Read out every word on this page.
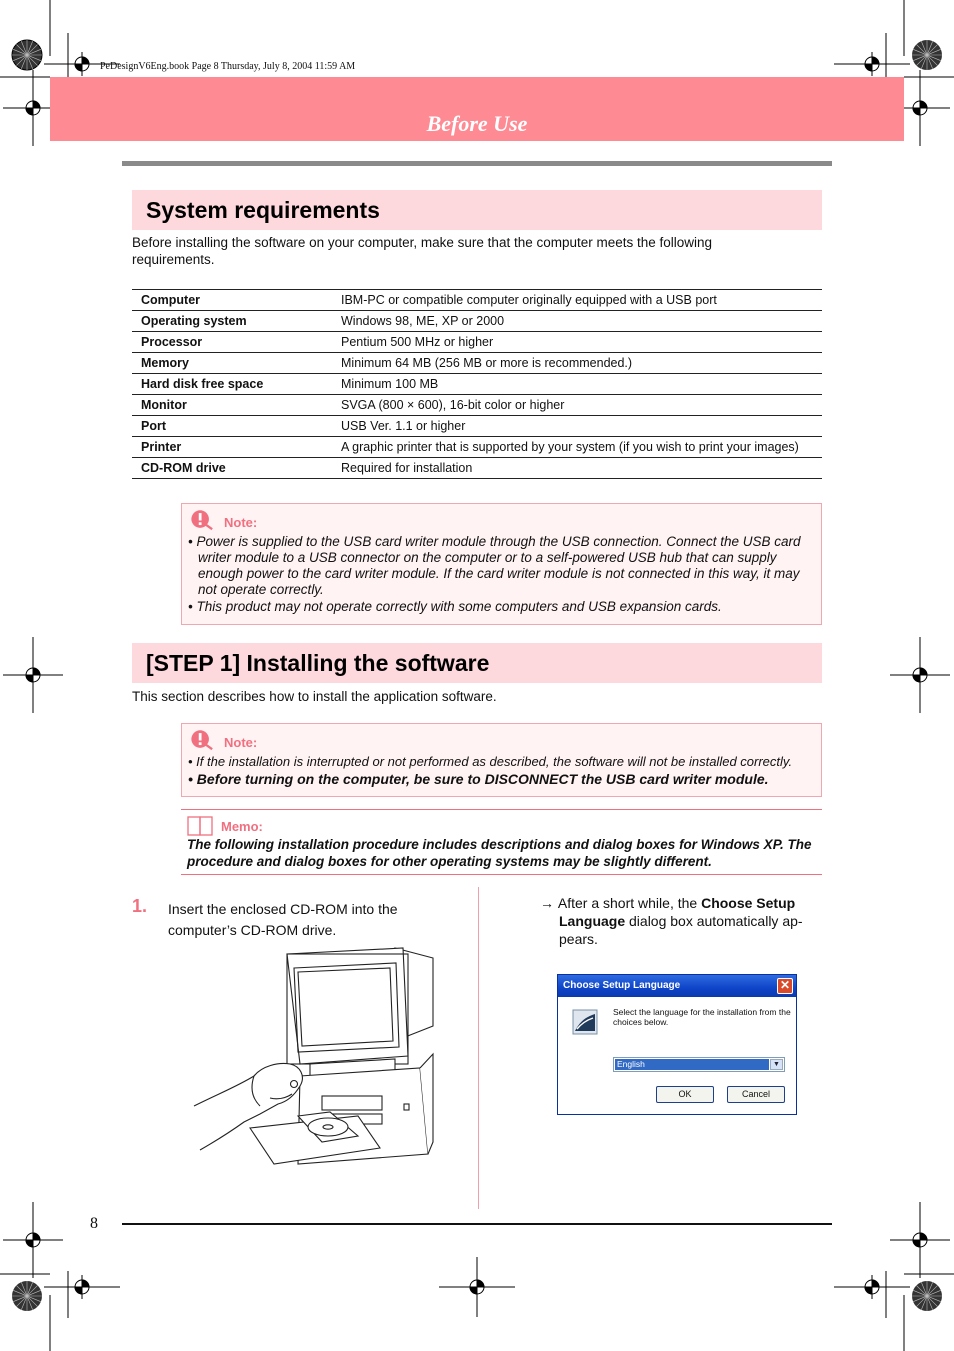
PeDesignV6Eng.book Page 8 Thursday, July 8, 2004 11:59 AM
Before Use
System requirements
Before installing the software on your computer, make sure that the computer meets the following
requirements.
Computer	IBM-PC or compatible computer originally equipped with a USB port
Operating system	Windows 98, ME, XP or 2000
Processor	Pentium 500 MHz or higher
Memory	Minimum 64 MB (256 MB or more is recommended.)
Hard disk free space	Minimum 100 MB
Monitor	SVGA (800 × 600), 16-bit color or higher
Port	USB Ver. 1.1 or higher
Printer	A graphic printer that is supported by your system (if you wish to print your images)
CD-ROM drive	Required for installation
Note:
• Power is supplied to the USB card writer module through the USB connection. Connect the USB card
writer module to a USB connector on the computer or to a self-powered USB hub that can supply
enough power to the card writer module. If the card writer module is not connected in this way, it may
not operate correctly.
• This product may not operate correctly with some computers and USB expansion cards.
[STEP 1] Installing the software
This section describes how to install the application software.
Note:
• If the installation is interrupted or not performed as described, the software will not be installed correctly.
• Before turning on the computer, be sure to DISCONNECT the USB card writer module.
Memo:
The following installation procedure includes descriptions and dialog boxes for Windows XP. The
procedure and dialog boxes for other operating systems may be slightly different.
1. Insert the enclosed CD-ROM into the
computer’s CD-ROM drive.
→ After a short while, the Choose Setup
Language dialog box automatically ap-
pears.
Choose Setup Language	✕
Select the language for the installation from the choices below.
English	▼
OK	Cancel
8
